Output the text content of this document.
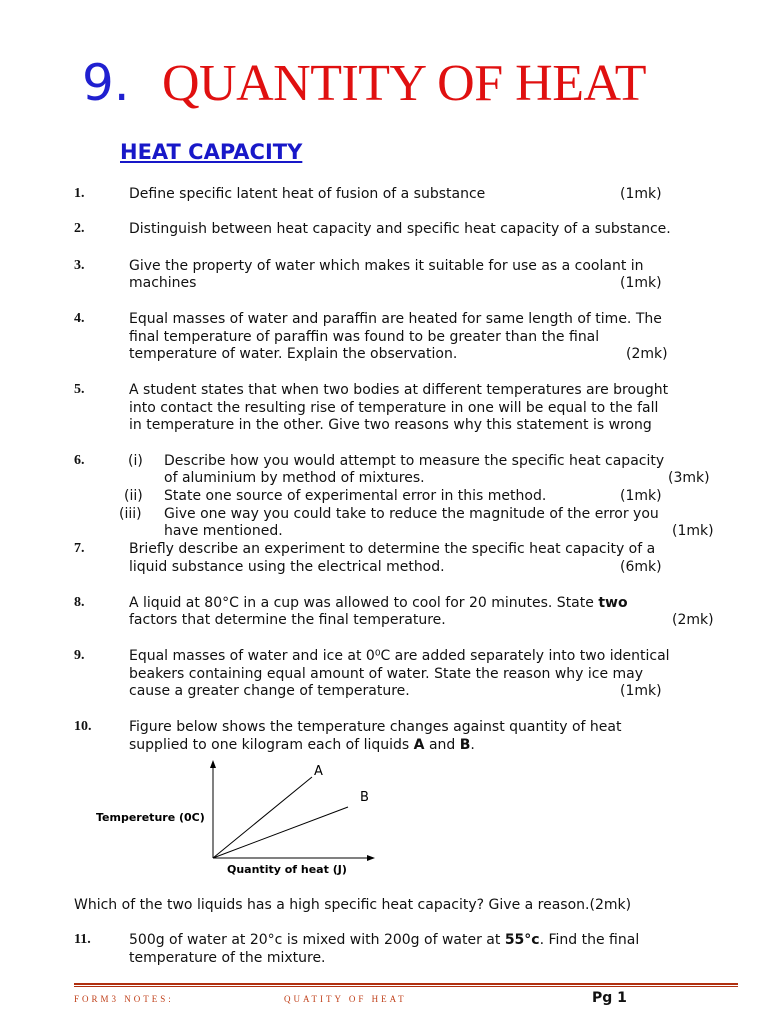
9. QUANTITY OF HEAT
HEAT CAPACITY
1.	Define specific latent heat of fusion of a substance	(1mk)
2.	Distinguish between heat capacity and specific heat capacity of a substance.
3.	Give the property of water which makes it suitable for use as a coolant in
machines	(1mk)
4.	Equal masses of water and paraffin are heated for same length of time. The
final temperature of paraffin was found to be greater than the final
temperature of water. Explain the observation.	(2mk)
5.	A student states that when two bodies at different temperatures are brought
into contact the resulting rise of temperature in one will be equal to the fall
in temperature in the other. Give two reasons why this statement is wrong
6.	(i) Describe how you would attempt to measure the specific heat capacity
of aluminium by method of mixtures.	(3mk)
(ii) State one source of experimental error in this method.	(1mk)
(iii) Give one way you could take to reduce the magnitude of the error you
have mentioned.	(1mk)
7.	Briefly describe an experiment to determine the specific heat capacity of a
liquid substance using the electrical method.	(6mk)
8.	A liquid at 80°C in a cup was allowed to cool for 20 minutes. State two
factors that determine the final temperature.	(2mk)
9.	Equal masses of water and ice at 0⁰C are added separately into two identical
beakers containing equal amount of water. State the reason why ice may
cause a greater change of temperature.	(1mk)
10.	Figure below shows the temperature changes against quantity of heat
supplied to one kilogram each of liquids A and B.
A
B
Tempereture (0C)
Quantity of heat (J)
Which of the two liquids has a high specific heat capacity? Give a reason.(2mk)
11.	500g of water at 20°c is mixed with 200g of water at 55°c. Find the final
temperature of the mixture.
FORM3 NOTES:	QUATITY OF HEAT	Pg 1
